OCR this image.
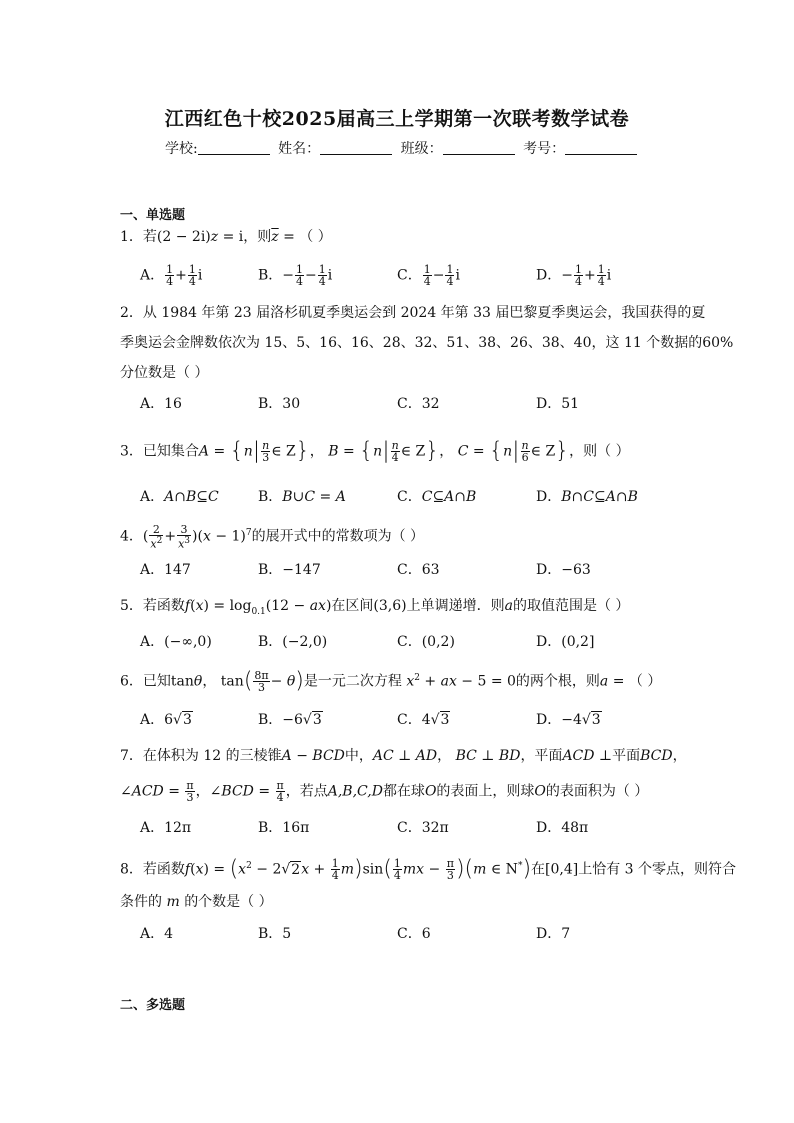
江西红色十校2025届高三上学期第一次联考数学试卷
学校:	姓名：	班级：	考号：
一、单选题
1．若(2 − 2i)z = i，则$\overline{z}$ = （ ）
A． $\frac{1}{4} + \frac{1}{4}$ i	B．− $\frac{1}{4} - \frac{1}{4}$ i	C． $\frac{1}{4} - \frac{1}{4}$ i	D．− $\frac{1}{4} + \frac{1}{4}$ i
2．从 1984 年第 23 届洛杉矶夏季奥运会到 2024 年第 33 届巴黎夏季奥运会，我国获得的夏
季奥运会金牌数依次为 15、5、16、16、28、32、51、38、26、38、40，这 11 个数据的60%
分位数是（ ）
A．16	B．30	C．32	D．51
3．已知集合$A = \{n| \frac{n}{3}$ ∈ Z}， $B = \{n| \frac{n}{4}$ ∈ Z}， $C = \{n| \frac{n}{6}$ ∈ Z}，则（ ）
A．A∩B⊆C	B．B∪C = A	C．C⊆A∩B	D．B∩C⊆A∩B
4．( $\frac{2}{x^2} + \frac{3}{x^3} )(x - 1)^7$的展开式中的常数项为（ ）
A．147	B．−147	C．63	D．−63
5．若函数$f(x) = \log_{0.1}(12 - ax)$在区间(3,6)上单调递增．则a的取值范围是（ ）
A．(−∞,0)	B．(−2,0)	C．(0,2)	D．(0,2]
6．已知tanθ， $\tan( \frac{8\pi}{3} - \theta)$是一元二次方程 $x^2$ + ax − 5 = 0的两个根，则a = （ ）
A．6√3	B．−6√3	C．4√3	D．−4√3
7．在体积为 12 的三棱锥A − BCD中，AC ⊥ AD， BC ⊥ BD，平面ACD ⊥平面BCD，
∠ACD = $\frac{\pi}{3}$ ，∠BCD = $\frac{\pi}{4}$ ，若点A,B,C,D都在球O的表面上，则球O的表面积为（ ）
A．12π	B．16π	C．32π	D．48π
8．若函数$f(x) = (x^2 - 2√2x + \frac{1}{4} m)\sin( \frac{1}{4}$ mx − $\frac{\pi}{3} )(m$ ∈ N*)在[0,4]上恰有 3 个零点，则符合
条件的 m 的个数是（ ）
A．4	B．5	C．6	D．7
二、多选题
